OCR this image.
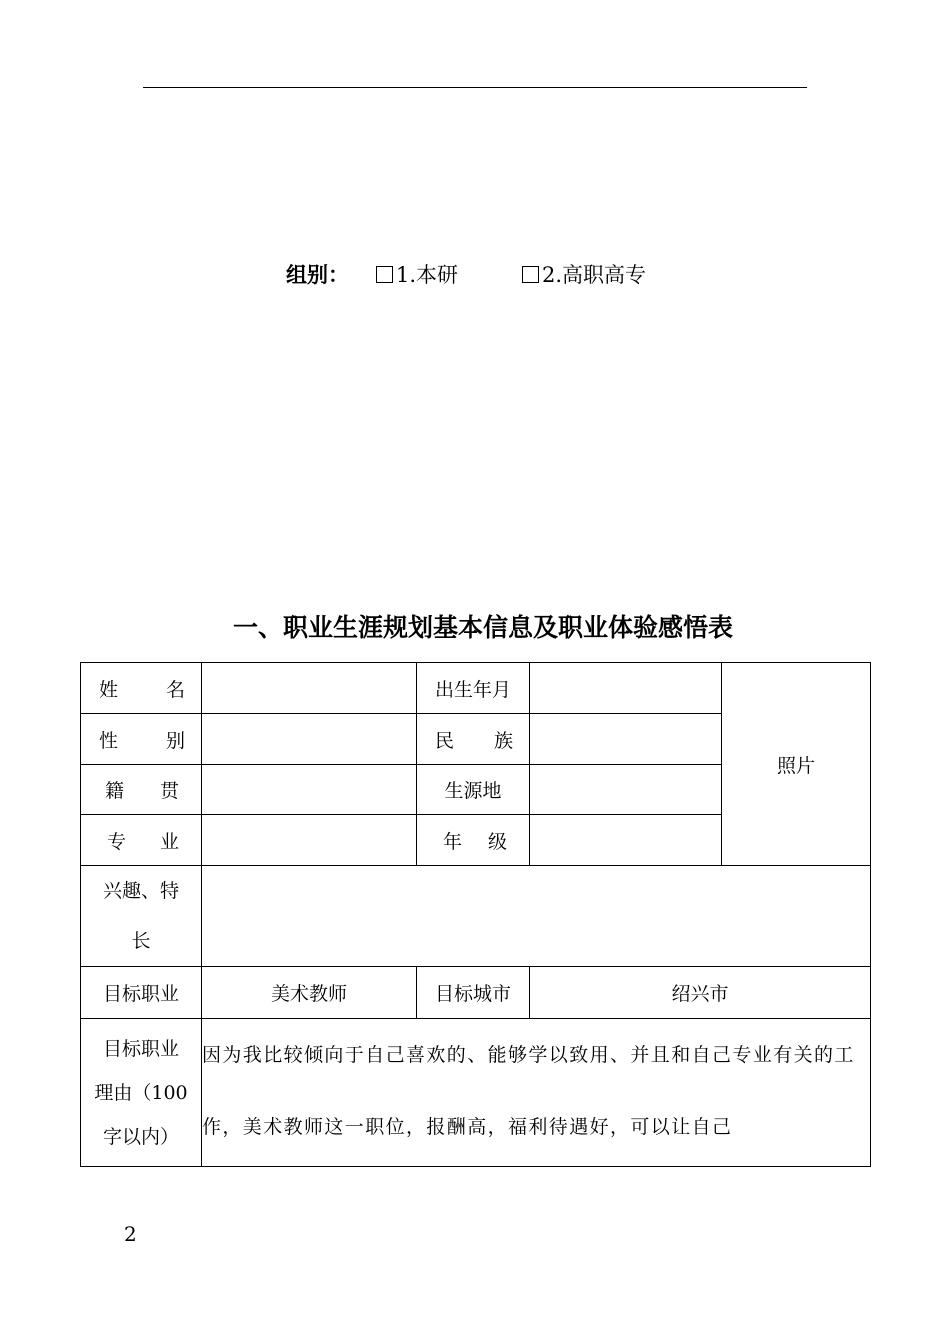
组别：	1.本研	2.高职高专
一、职业生涯规划基本信息及职业体验感悟表
姓 名		出生年月		照片

性 别		民 族		

籍 贯		生源地		

专 业		年 级		

兴趣、特
长				

目标职业	美术教师	目标城市	绍兴市	

目标职业
理由（100
字以内）	因为我比较倾向于自己喜欢的、能够学以致用、并且和自己专业有关的工作，美术教师这一职位，报酬高，福利待遇好，可以让自己			
2
